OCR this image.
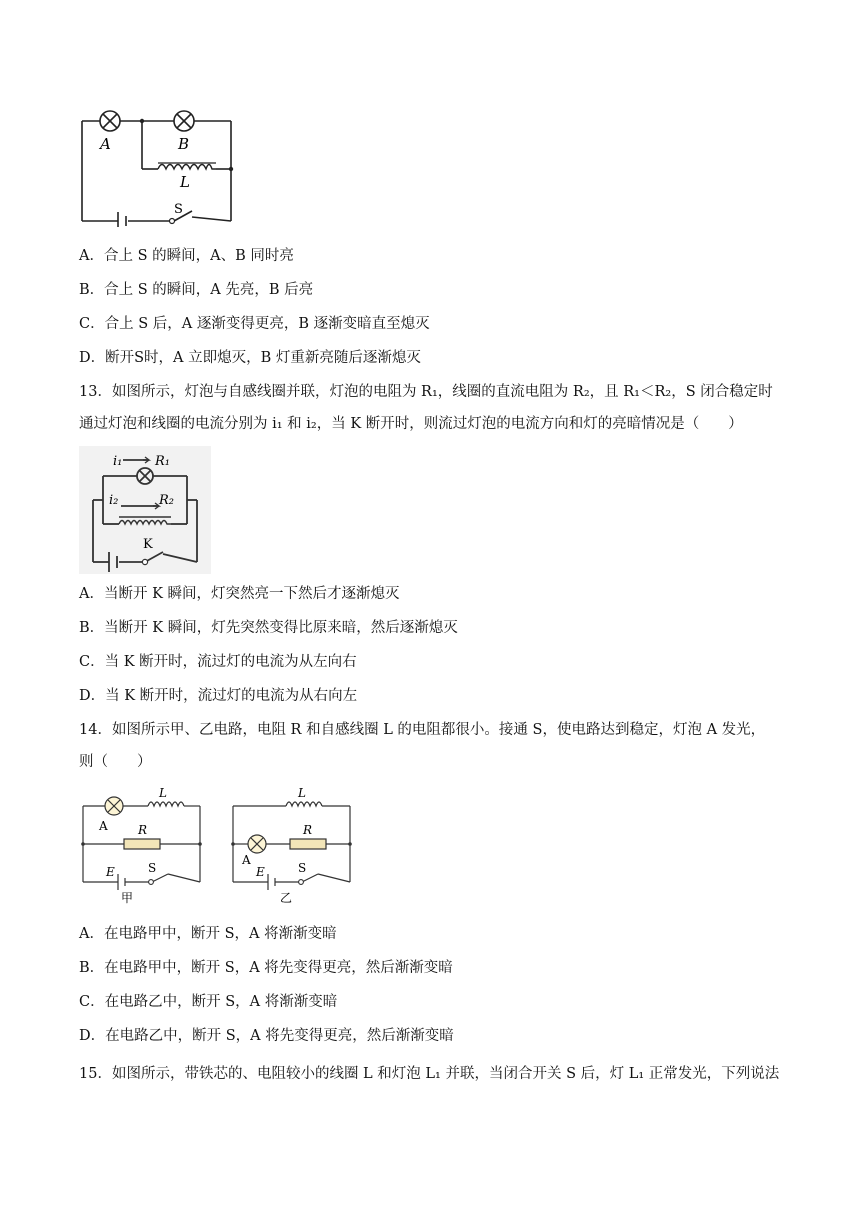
A	B
L
S
A．合上 S 的瞬间，A、B 同时亮
B．合上 S 的瞬间，A 先亮，B 后亮
C．合上 S 后，A 逐渐变得更亮，B 逐渐变暗直至熄灭
D．断开S时，A 立即熄灭，B 灯重新亮随后逐渐熄灭
13．如图所示，灯泡与自感线圈并联，灯泡的电阻为 R₁，线圈的直流电阻为 R₂，且 R₁＜R₂，S 闭合稳定时
通过灯泡和线圈的电流分别为 i₁ 和 i₂，当 K 断开时，则流过灯泡的电流方向和灯的亮暗情况是（　　）
i₁	R₁
i₂	R₂
K
A．当断开 K 瞬间，灯突然亮一下然后才逐渐熄灭
B．当断开 K 瞬间，灯先突然变得比原来暗，然后逐渐熄灭
C．当 K 断开时，流过灯的电流为从左向右
D．当 K 断开时，流过灯的电流为从右向左
14．如图所示甲、乙电路，电阻 R 和自感线圈 L 的电阻都很小。接通 S，使电路达到稳定，灯泡 A 发光，
则（　　）
L
A	R
E	S
甲
L
A
R
E	S
乙
A．在电路甲中，断开 S，A 将渐渐变暗
B．在电路甲中，断开 S，A 将先变得更亮，然后渐渐变暗
C．在电路乙中，断开 S，A 将渐渐变暗
D．在电路乙中，断开 S，A 将先变得更亮，然后渐渐变暗
15．如图所示，带铁芯的、电阻较小的线圈 L 和灯泡 L₁ 并联，当闭合开关 S 后，灯 L₁ 正常发光，下列说法
